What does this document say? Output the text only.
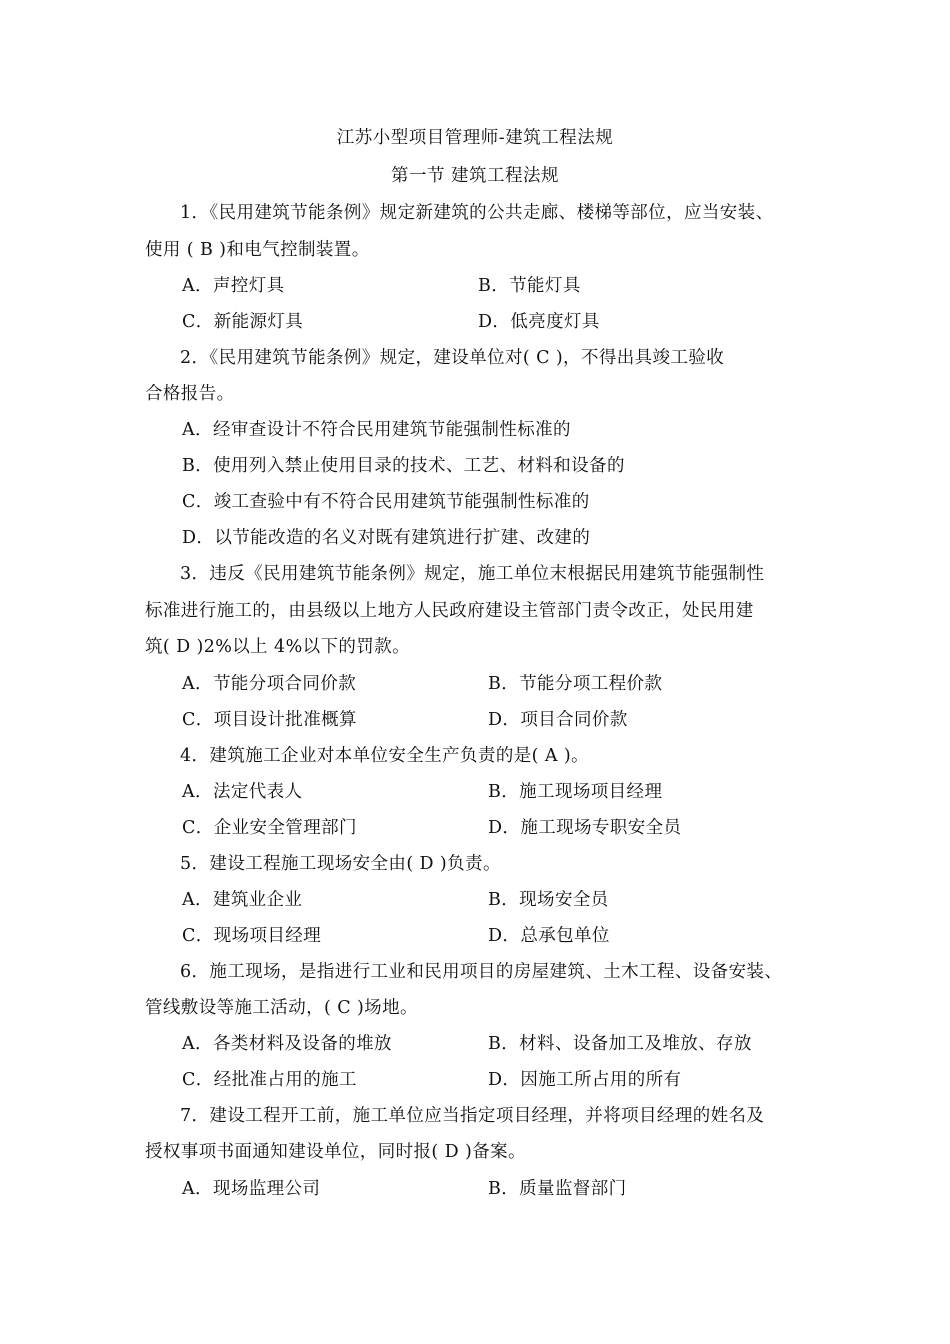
江苏小型项目管理师-建筑工程法规
第一节 建筑工程法规
1．《民用建筑节能条例》规定新建筑的公共走廊、楼梯等部位，应当安装、
使用 ( B )和电气控制装置。
A．声控灯具	B．节能灯具
C．新能源灯具	D．低亮度灯具
2．《民用建筑节能条例》规定，建设单位对( C )，不得出具竣工验收
合格报告。
A．经审查设计不符合民用建筑节能强制性标准的
B．使用列入禁止使用目录的技术、工艺、材料和设备的
C．竣工查验中有不符合民用建筑节能强制性标准的
D．以节能改造的名义对既有建筑进行扩建、改建的
3．违反《民用建筑节能条例》规定，施工单位末根据民用建筑节能强制性
标准进行施工的，由县级以上地方人民政府建设主管部门责令改正，处民用建
筑( D )2%以上 4%以下的罚款。
A．节能分项合同价款	B．节能分项工程价款
C．项目设计批准概算	D．项目合同价款
4．建筑施工企业对本单位安全生产负责的是( A )。
A．法定代表人	B．施工现场项目经理
C．企业安全管理部门	D．施工现场专职安全员
5．建设工程施工现场安全由( D )负责。
A．建筑业企业	B．现场安全员
C．现场项目经理	D．总承包单位
6．施工现场，是指进行工业和民用项目的房屋建筑、土木工程、设备安装、
管线敷设等施工活动，( C )场地。
A．各类材料及设备的堆放	B．材料、设备加工及堆放、存放
C．经批准占用的施工	D．因施工所占用的所有
7．建设工程开工前，施工单位应当指定项目经理，并将项目经理的姓名及
授权事项书面通知建设单位，同时报( D )备案。
A．现场监理公司	B．质量监督部门
